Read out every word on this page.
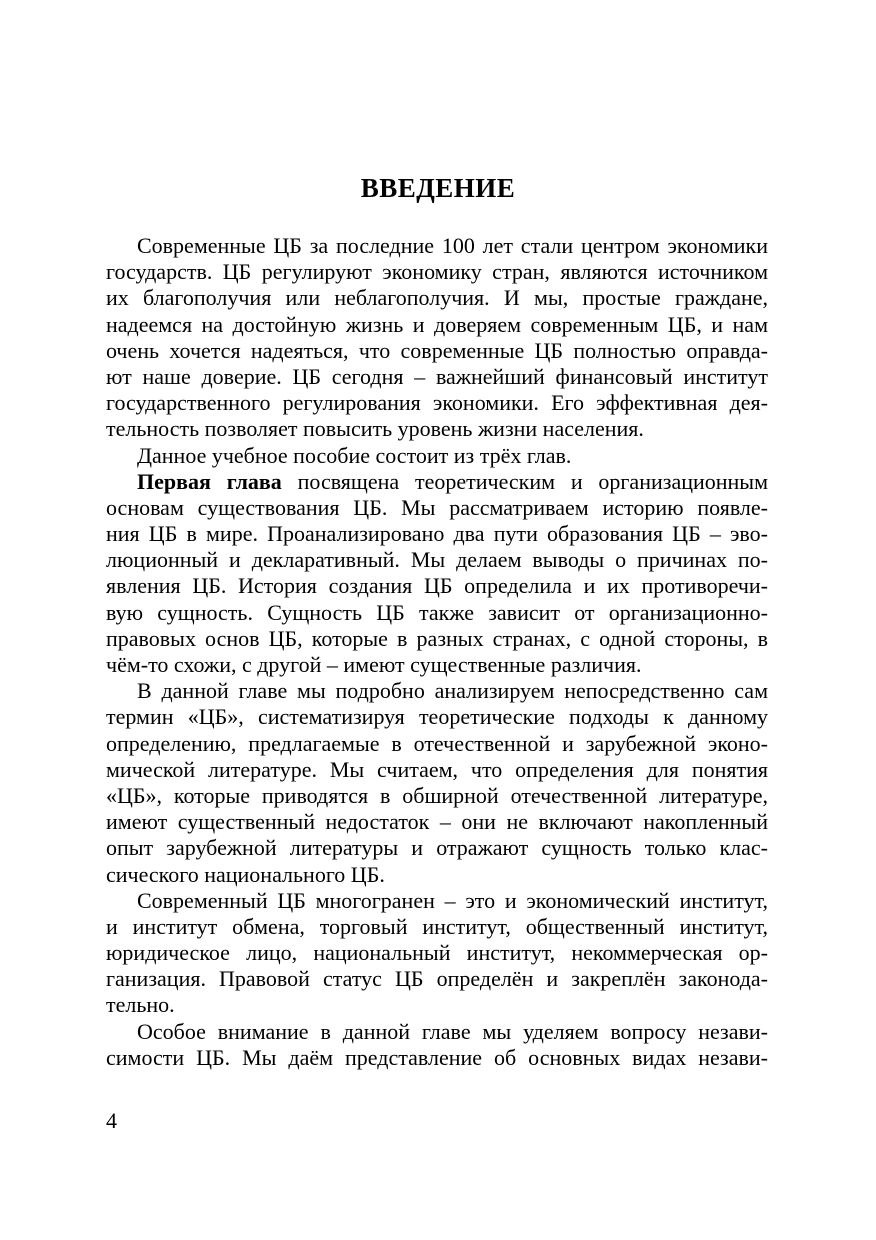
ВВЕДЕНИЕ
Современные ЦБ за последние 100 лет стали центром экономики
государств. ЦБ регулируют экономику стран, являются источником
их благополучия или неблагополучия. И мы, простые граждане,
надеемся на достойную жизнь и доверяем современным ЦБ, и нам
очень хочется надеяться, что современные ЦБ полностью оправда-
ют наше доверие. ЦБ сегодня – важнейший финансовый институт
государственного регулирования экономики. Его эффективная дея-
тельность позволяет повысить уровень жизни населения.
Данное учебное пособие состоит из трёх глав.
Первая глава посвящена теоретическим и организационным
основам существования ЦБ. Мы рассматриваем историю появле-
ния ЦБ в мире. Проанализировано два пути образования ЦБ – эво-
люционный и декларативный. Мы делаем выводы о причинах по-
явления ЦБ. История создания ЦБ определила и их противоречи-
вую сущность. Сущность ЦБ также зависит от организационно-
правовых основ ЦБ, которые в разных странах, с одной стороны, в
чём-то схожи, с другой – имеют существенные различия.
В данной главе мы подробно анализируем непосредственно сам
термин «ЦБ», систематизируя теоретические подходы к данному
определению, предлагаемые в отечественной и зарубежной эконо-
мической литературе. Мы считаем, что определения для понятия
«ЦБ», которые приводятся в обширной отечественной литературе,
имеют существенный недостаток – они не включают накопленный
опыт зарубежной литературы и отражают сущность только клас-
сического национального ЦБ.
Современный ЦБ многогранен – это и экономический институт,
и институт обмена, торговый институт, общественный институт,
юридическое лицо, национальный институт, некоммерческая ор-
ганизация. Правовой статус ЦБ определён и закреплён законода-
тельно.
Особое внимание в данной главе мы уделяем вопросу незави-
симости ЦБ. Мы даём представление об основных видах незави-
4
